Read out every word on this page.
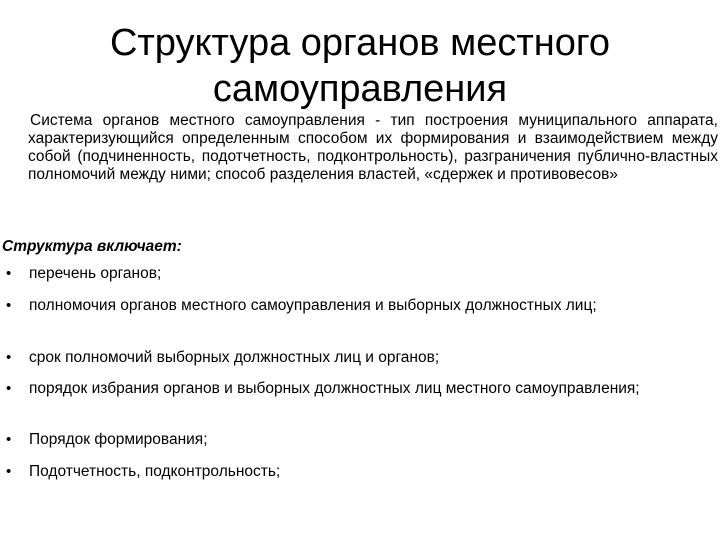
Структура органов местного самоуправления

Система органов местного самоуправления - тип построения муниципального аппарата, характеризующийся определенным способом их формирования и взаимодействием между собой (подчиненность, подотчетность, подконтрольность), разграничения публично-властных полномочий между ними; способ разделения властей, «сдержек и противовесов»

Структура включает:

• перечень органов;
• полномочия органов местного самоуправления и выборных должностных лиц;
• срок полномочий выборных должностных лиц и органов;
• порядок избрания органов и выборных должностных лиц местного самоуправления;
• Порядок формирования;
• Подотчетность, подконтрольность;
